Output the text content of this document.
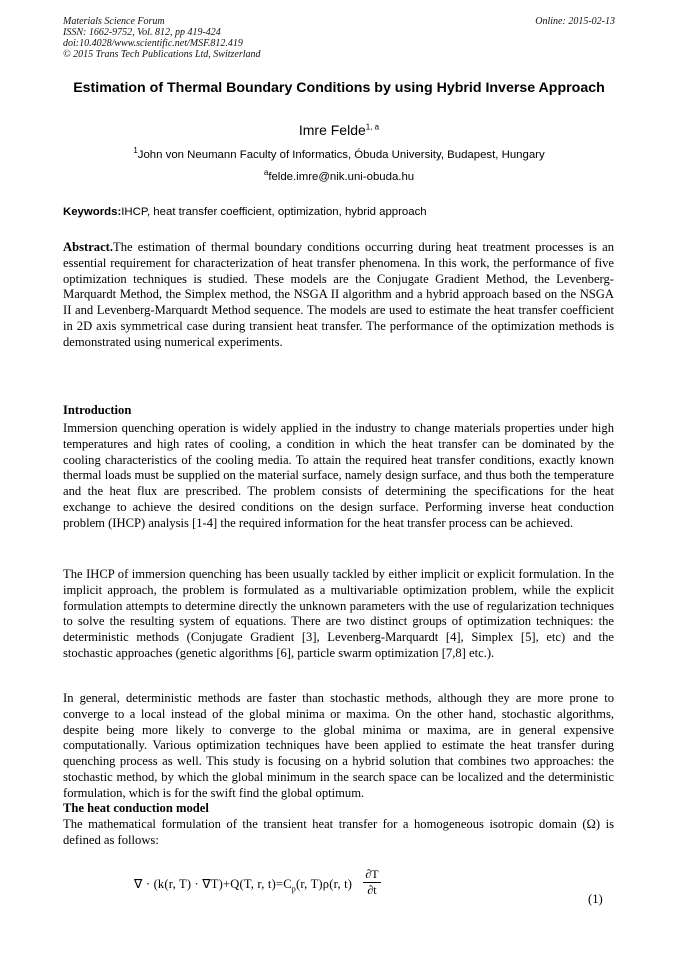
Materials Science Forum
ISSN: 1662-9752, Vol. 812, pp 419-424
doi:10.4028/www.scientific.net/MSF.812.419
© 2015 Trans Tech Publications Ltd, Switzerland
Online: 2015-02-13
Estimation of Thermal Boundary Conditions by using Hybrid Inverse Approach
Imre Felde$^{1, a}$
$^1$John von Neumann Faculty of Informatics, Óbuda University, Budapest, Hungary
$^a$felde.imre@nik.uni-obuda.hu
Keywords:IHCP, heat transfer coefficient, optimization, hybrid approach
Abstract.The estimation of thermal boundary conditions occurring during heat treatment processes is an essential requirement for characterization of heat transfer phenomena. In this work, the performance of five optimization techniques is studied. These models are the Conjugate Gradient Method, the Levenberg-Marquardt Method, the Simplex method, the NSGA II algorithm and a hybrid approach based on the NSGA II and Levenberg-Marquardt Method sequence. The models are used to estimate the heat transfer coefficient in 2D axis symmetrical case during transient heat transfer. The performance of the optimization methods is demonstrated using numerical experiments.
Introduction
Immersion quenching operation is widely applied in the industry to change materials properties under high temperatures and high rates of cooling, a condition in which the heat transfer can be dominated by the cooling characteristics of the cooling media. To attain the required heat transfer conditions, exactly known thermal loads must be supplied on the material surface, namely design surface, and thus both the temperature and the heat flux are prescribed. The problem consists of determining the specifications for the heat exchange to achieve the desired conditions on the design surface. Performing inverse heat conduction problem (IHCP) analysis [1-4] the required information for the heat transfer process can be achieved.
The IHCP of immersion quenching has been usually tackled by either implicit or explicit formulation. In the implicit approach, the problem is formulated as a multivariable optimization problem, while the explicit formulation attempts to determine directly the unknown parameters with the use of regularization techniques to solve the resulting system of equations. There are two distinct groups of optimization techniques: the deterministic methods (Conjugate Gradient [3], Levenberg-Marquardt [4], Simplex [5], etc) and the stochastic approaches (genetic algorithms [6], particle swarm optimization [7,8] etc.).
In general, deterministic methods are faster than stochastic methods, although they are more prone to converge to a local instead of the global minima or maxima. On the other hand, stochastic algorithms, despite being more likely to converge to the global minima or maxima, are in general expensive computationally. Various optimization techniques have been applied to estimate the heat transfer during quenching process as well. This study is focusing on a hybrid solution that combines two approaches: the stochastic method, by which the global minimum in the search space can be localized and the deterministic formulation, which is for the swift find the global optimum.
The heat conduction model
The mathematical formulation of the transient heat transfer for a homogeneous isotropic domain (Ω) is defined as follows:
∇ · (k(r, T) · ∇T)+Q(T, r, $t)=C_p(r$, T)ρ(r, t)
∂T
∂t
(1)
